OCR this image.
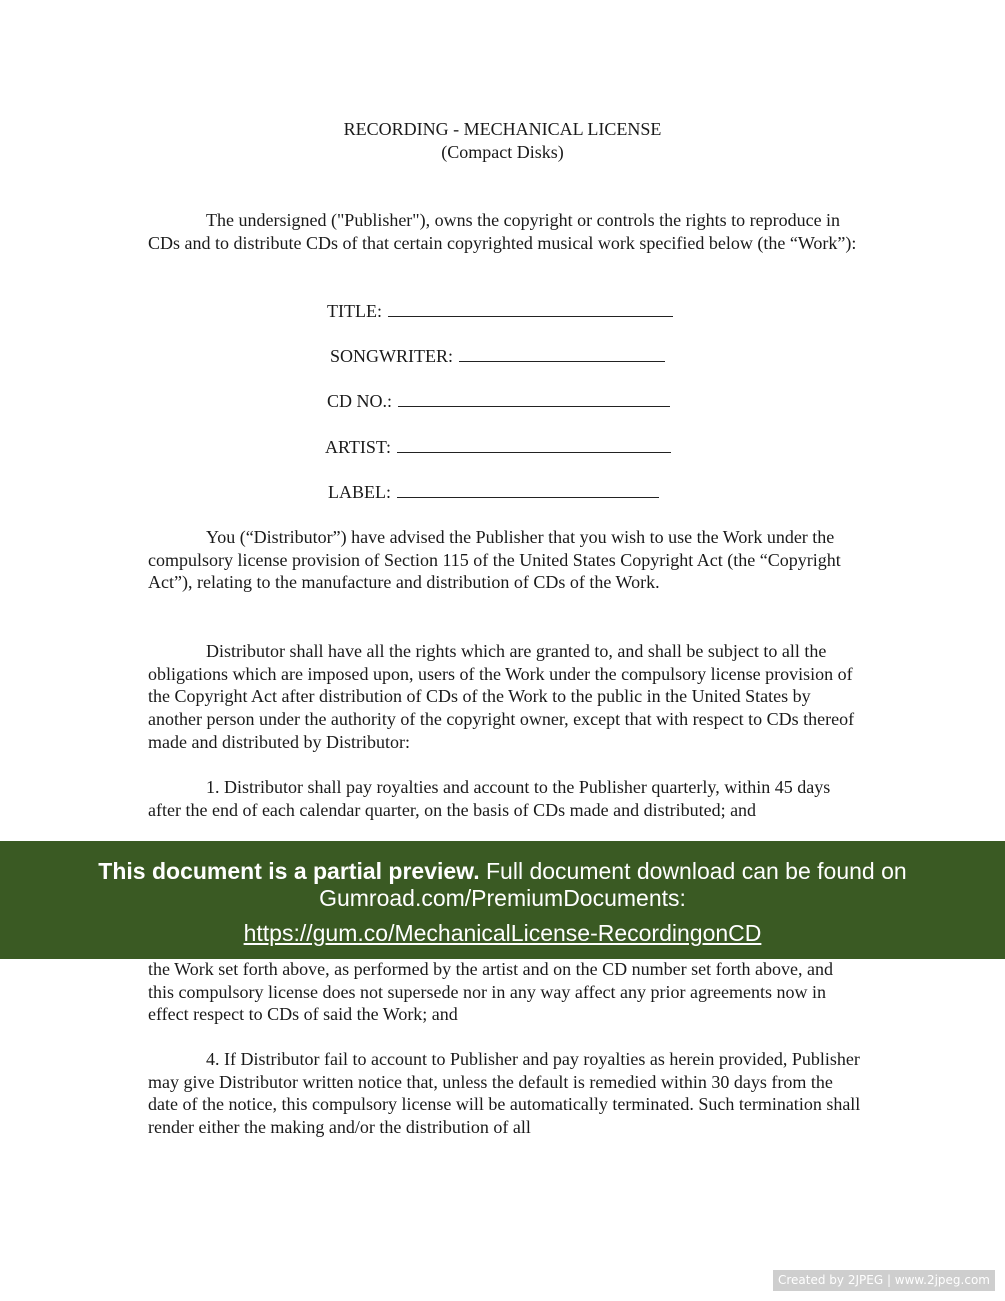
RECORDING - MECHANICAL LICENSE
(Compact Disks)
The undersigned ("Publisher"), owns the copyright or controls the rights to reproduce in CDs and to distribute CDs of that certain copyrighted musical work specified below (the “Work”):
TITLE:
SONGWRITER:
CD NO.:
ARTIST:
LABEL:
You (“Distributor”) have advised the Publisher that you wish to use the Work under the compulsory license provision of Section 115 of the United States Copyright Act (the “Copyright Act”), relating to the manufacture and distribution of CDs of the Work.
Distributor shall have all the rights which are granted to, and shall be subject to all the obligations which are imposed upon, users of the Work under the compulsory license provision of the Copyright Act after distribution of CDs of the Work to the public in the United States by another person under the authority of the copyright owner, except that with respect to CDs thereof made and distributed by Distributor:
1. Distributor shall pay royalties and account to the Publisher quarterly, within 45 days after the end of each calendar quarter, on the basis of CDs made and distributed; and
the Work set forth above, as performed by the artist and on the CD number set forth above, and this compulsory license does not supersede nor in any way affect any prior agreements now in effect respect to CDs of said the Work; and
4. If Distributor fail to account to Publisher and pay royalties as herein provided, Publisher may give Distributor written notice that, unless the default is remedied within 30 days from the date of the notice, this compulsory license will be automatically terminated. Such termination shall render either the making and/or the distribution of all
This document is a partial preview. Full document download can be found on
Gumroad.com/PremiumDocuments:
https://gum.co/MechanicalLicense-RecordingonCD
Created by 2JPEG | www.2jpeg.com
